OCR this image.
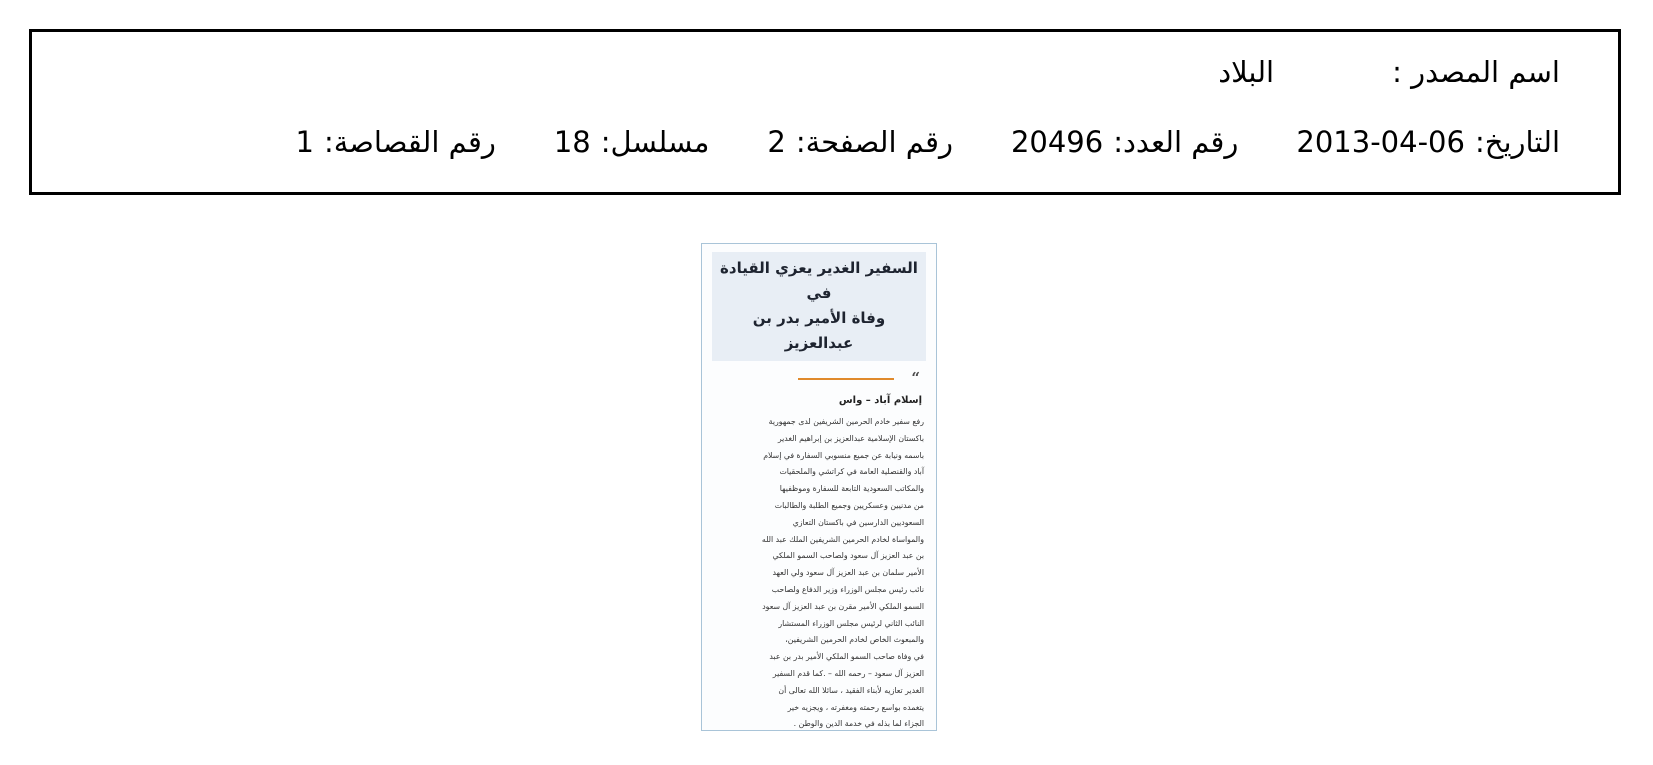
اسم المصدر :البلاد
التاريخ:2013-04-06رقم العدد:20496رقم الصفحة:2مسلسل:18رقم القصاصة:1
السفير الغدير يعزي القيادة في
وفاة الأمير بدر بن عبدالعزيز
“
إسلام آباد – واس
رفع سفير خادم الحرمين الشريفين لدى جمهورية
باكستان الإسلامية عبدالعزيز بن إبراهيم الغدير
باسمه ونيابة عن جميع منسوبي السفارة في إسلام
آباد والقنصلية العامة في كراتشي والملحقيات
والمكاتب السعودية التابعة للسفارة وموظفيها
من مدنيين وعسكريين وجميع الطلبة والطالبات
السعوديين الدارسين في باكستان التعازي
والمواساة لخادم الحرمين الشريفين الملك عبد الله
بن عبد العزيز آل سعود ولصاحب السمو الملكي
الأمير سلمان بن عبد العزيز آل سعود ولي العهد
نائب رئيس مجلس الوزراء وزير الدفاع ولصاحب
السمو الملكي الأمير مقرن بن عبد العزيز آل سعود
النائب الثاني لرئيس مجلس الوزراء المستشار
والمبعوث الخاص لخادم الحرمين الشريفين،
في وفاة صاحب السمو الملكي الأمير بدر بن عبد
العزيز آل سعود – رحمه الله – .كما قدم السفير
الغدير تعازيه لأبناء الفقيد ، سائلا الله تعالى أن
يتغمده بواسع رحمته ومغفرته ، ويجزيه خير
الجزاء لما بذله في خدمة الدين والوطن .
